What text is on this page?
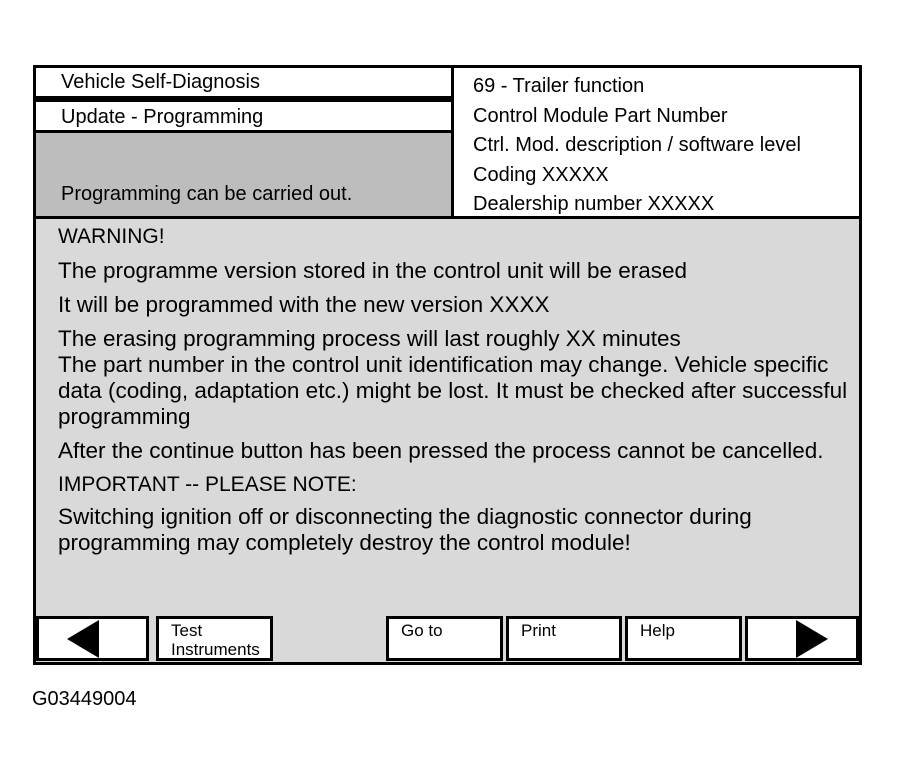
Vehicle Self-Diagnosis
Update - Programming
Programming can be carried out.
69 - Trailer function
Control Module Part Number
Ctrl. Mod. description / software level
Coding XXXXX
Dealership number XXXXX

WARNING!

The programme version stored in the control unit will be erased

It will be programmed with the new version XXXX

The erasing programming process will last roughly XX minutes

The part number in the control unit identification may change. Vehicle specific data (coding, adaptation etc.) might be lost. It must be checked after successful programming

After the continue button has been pressed the process cannot be cancelled.

IMPORTANT -- PLEASE NOTE:

Switching ignition off or disconnecting the diagnostic connector during programming may completely destroy the control module!

Test
Instruments
Go to	Print	Help
G03449004
